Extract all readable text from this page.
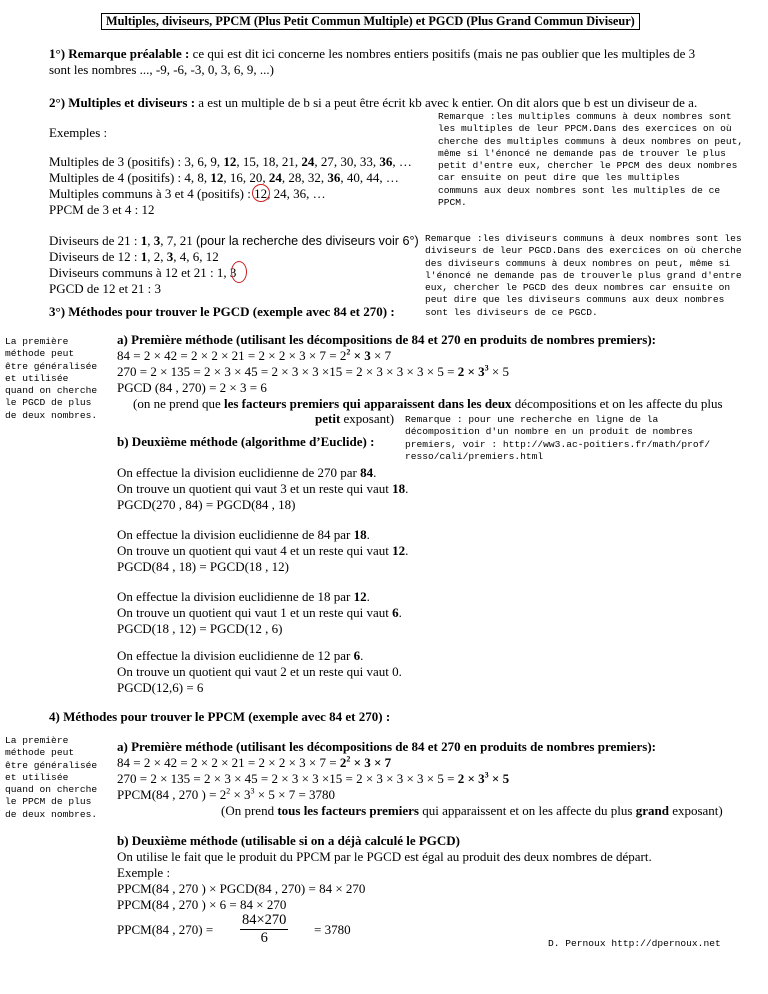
Multiples, diviseurs, PPCM (Plus Petit Commun Multiple) et PGCD (Plus Grand Commun Diviseur)
1°) Remarque préalable : ce qui est dit ici concerne les nombres entiers positifs (mais ne pas oublier que les multiples de 3
sont les nombres ..., -9, -6, -3, 0, 3, 6, 9, ...)
2°) Multiples et diviseurs : a est un multiple de b si a peut être écrit kb avec k entier. On dit alors que b est un diviseur de a.
Exemples :
Multiples de 3 (positifs) : 3, 6, 9, 12, 15, 18, 21, 24, 27, 30, 33, 36, …
Multiples de 4 (positifs) : 4, 8, 12, 16, 20, 24, 28, 32, 36, 40, 44, …
Multiples communs à 3 et 4 (positifs) : 12, 24, 36, …
PPCM de 3 et 4 : 12
Remarque :les multiples communs à deux nombres sont
les multiples de leur PPCM.Dans des exercices on où
cherche des multiples communs à deux nombres on peut,
même si l'énoncé ne demande pas de trouver le plus
petit d'entre eux, chercher le PPCM des deux nombres
car ensuite on peut dire que les multiples
communs aux deux nombres sont les multiples de ce
PPCM.
Diviseurs de 21 : 1, 3, 7, 21 (pour la recherche des diviseurs voir 6°)
Diviseurs de 12 : 1, 2, 3, 4, 6, 12
Diviseurs communs à 12 et 21 : 1, 3
PGCD de 12 et 21 : 3
Remarque :les diviseurs communs à deux nombres sont les
diviseurs de leur PGCD.Dans des exercices on où cherche
des diviseurs communs à deux nombres on peut, même si
l'énoncé ne demande pas de trouverle plus grand d'entre
eux, chercher le PGCD des deux nombres car ensuite on
peut dire que les diviseurs communs aux deux nombres
sont les diviseurs de ce PGCD.
3°) Méthodes pour trouver le PGCD (exemple avec 84 et 270) :
La première
méthode peut
être généralisée
et utilisée
quand on cherche
le PGCD de plus
de deux nombres.
a) Première méthode (utilisant les décompositions de 84 et 270 en produits de nombres premiers):
$84 = 2 \times 42 = 2 \times 2 \times 21 = 2 \times 2 \times 3 \times 7 = 2^2 \times 3 \times 7$
$270 = 2 \times 135 = 2 \times 3 \times 45 = 2 \times 3 \times 3 \times 15 = 2 \times 3 \times 3 \times 3 \times 5 = 2 \times 3^3 \times 5$
PGCD (84 , 270) = 2 × 3 = 6
(on ne prend que les facteurs premiers qui apparaissent dans les deux décompositions et on les affecte du plus
petit exposant) Remarque : pour une recherche en ligne de la
décomposition d'un nombre en un produit de nombres
premiers, voir : http://ww3.ac-poitiers.fr/math/prof/
resso/cali/premiers.html
b) Deuxième méthode (algorithme d’Euclide) :
On effectue la division euclidienne de 270 par 84.
On trouve un quotient qui vaut 3 et un reste qui vaut 18.
PGCD(270 , 84) = PGCD(84 , 18)
On effectue la division euclidienne de 84 par 18.
On trouve un quotient qui vaut 4 et un reste qui vaut 12.
PGCD(84 , 18) = PGCD(18 , 12)
On effectue la division euclidienne de 18 par 12.
On trouve un quotient qui vaut 1 et un reste qui vaut 6.
PGCD(18 , 12) = PGCD(12 , 6)
On effectue la division euclidienne de 12 par 6.
On trouve un quotient qui vaut 2 et un reste qui vaut 0.
PGCD(12,6) = 6
4) Méthodes pour trouver le PPCM (exemple avec 84 et 270) :
La première
méthode peut
être généralisée
et utilisée
quand on cherche
le PPCM de plus
de deux nombres.
a) Première méthode (utilisant les décompositions de 84 et 270 en produits de nombres premiers):
$84 = 2 \times 42 = 2 \times 2 \times 21 = 2 \times 2 \times 3 \times 7 = 2^2 \times 3 \times 7$
$270 = 2 \times 135 = 2 \times 3 \times 45 = 2 \times 3 \times 3 \times 15 = 2 \times 3 \times 3 \times 3 \times 5 = 2 \times 3^3 \times 5$
PPCM(84 , 270 ) = $2^2 \times 3^3 \times 5 \times 7 = 3780$
(On prend tous les facteurs premiers qui apparaissent et on les affecte du plus grand exposant)
b) Deuxième méthode (utilisable si on a déjà calculé le PGCD)
On utilise le fait que le produit du PPCM par le PGCD est égal au produit des deux nombres de départ.
Exemple :
PPCM(84 , 270 ) × PGCD(84 , 270) = 84 × 270
PPCM(84 , 270 ) × 6 = 84 × 270
PPCM(84 , $270) = \frac{84\times 270}{6} = 3780$
D. Pernoux http://dpernoux.net
